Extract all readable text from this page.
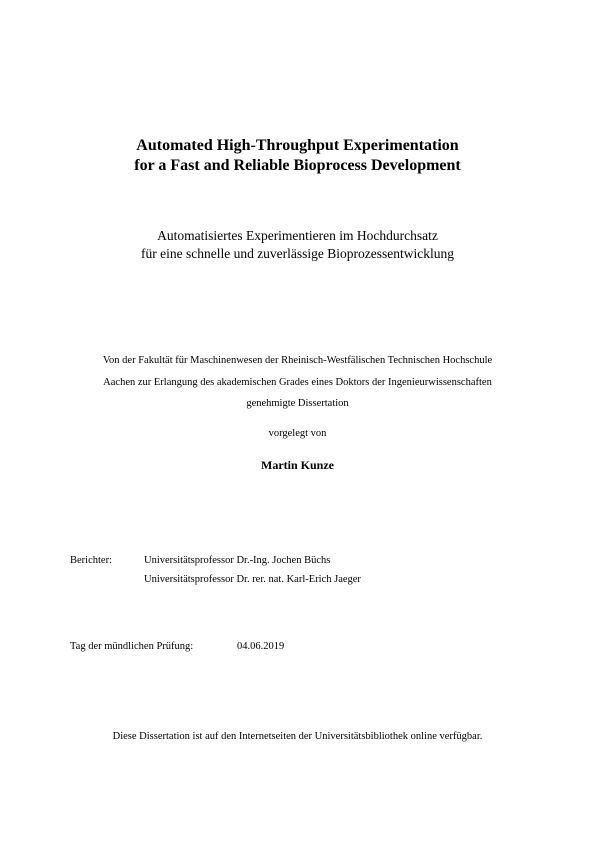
Automated High-Throughput Experimentation
for a Fast and Reliable Bioprocess Development
Automatisiertes Experimentieren im Hochdurchsatz
für eine schnelle und zuverlässige Bioprozessentwicklung
Von der Fakultät für Maschinenwesen der Rheinisch-Westfälischen Technischen Hochschule
Aachen zur Erlangung des akademischen Grades eines Doktors der Ingenieurwissenschaften
genehmigte Dissertation
vorgelegt von
Martin Kunze
Berichter:	Universitätsprofessor Dr.-Ing. Jochen Büchs
Universitätsprofessor Dr. rer. nat. Karl-Erich Jaeger
Tag der mündlichen Prüfung:	04.06.2019
Diese Dissertation ist auf den Internetseiten der Universitätsbibliothek online verfügbar.
